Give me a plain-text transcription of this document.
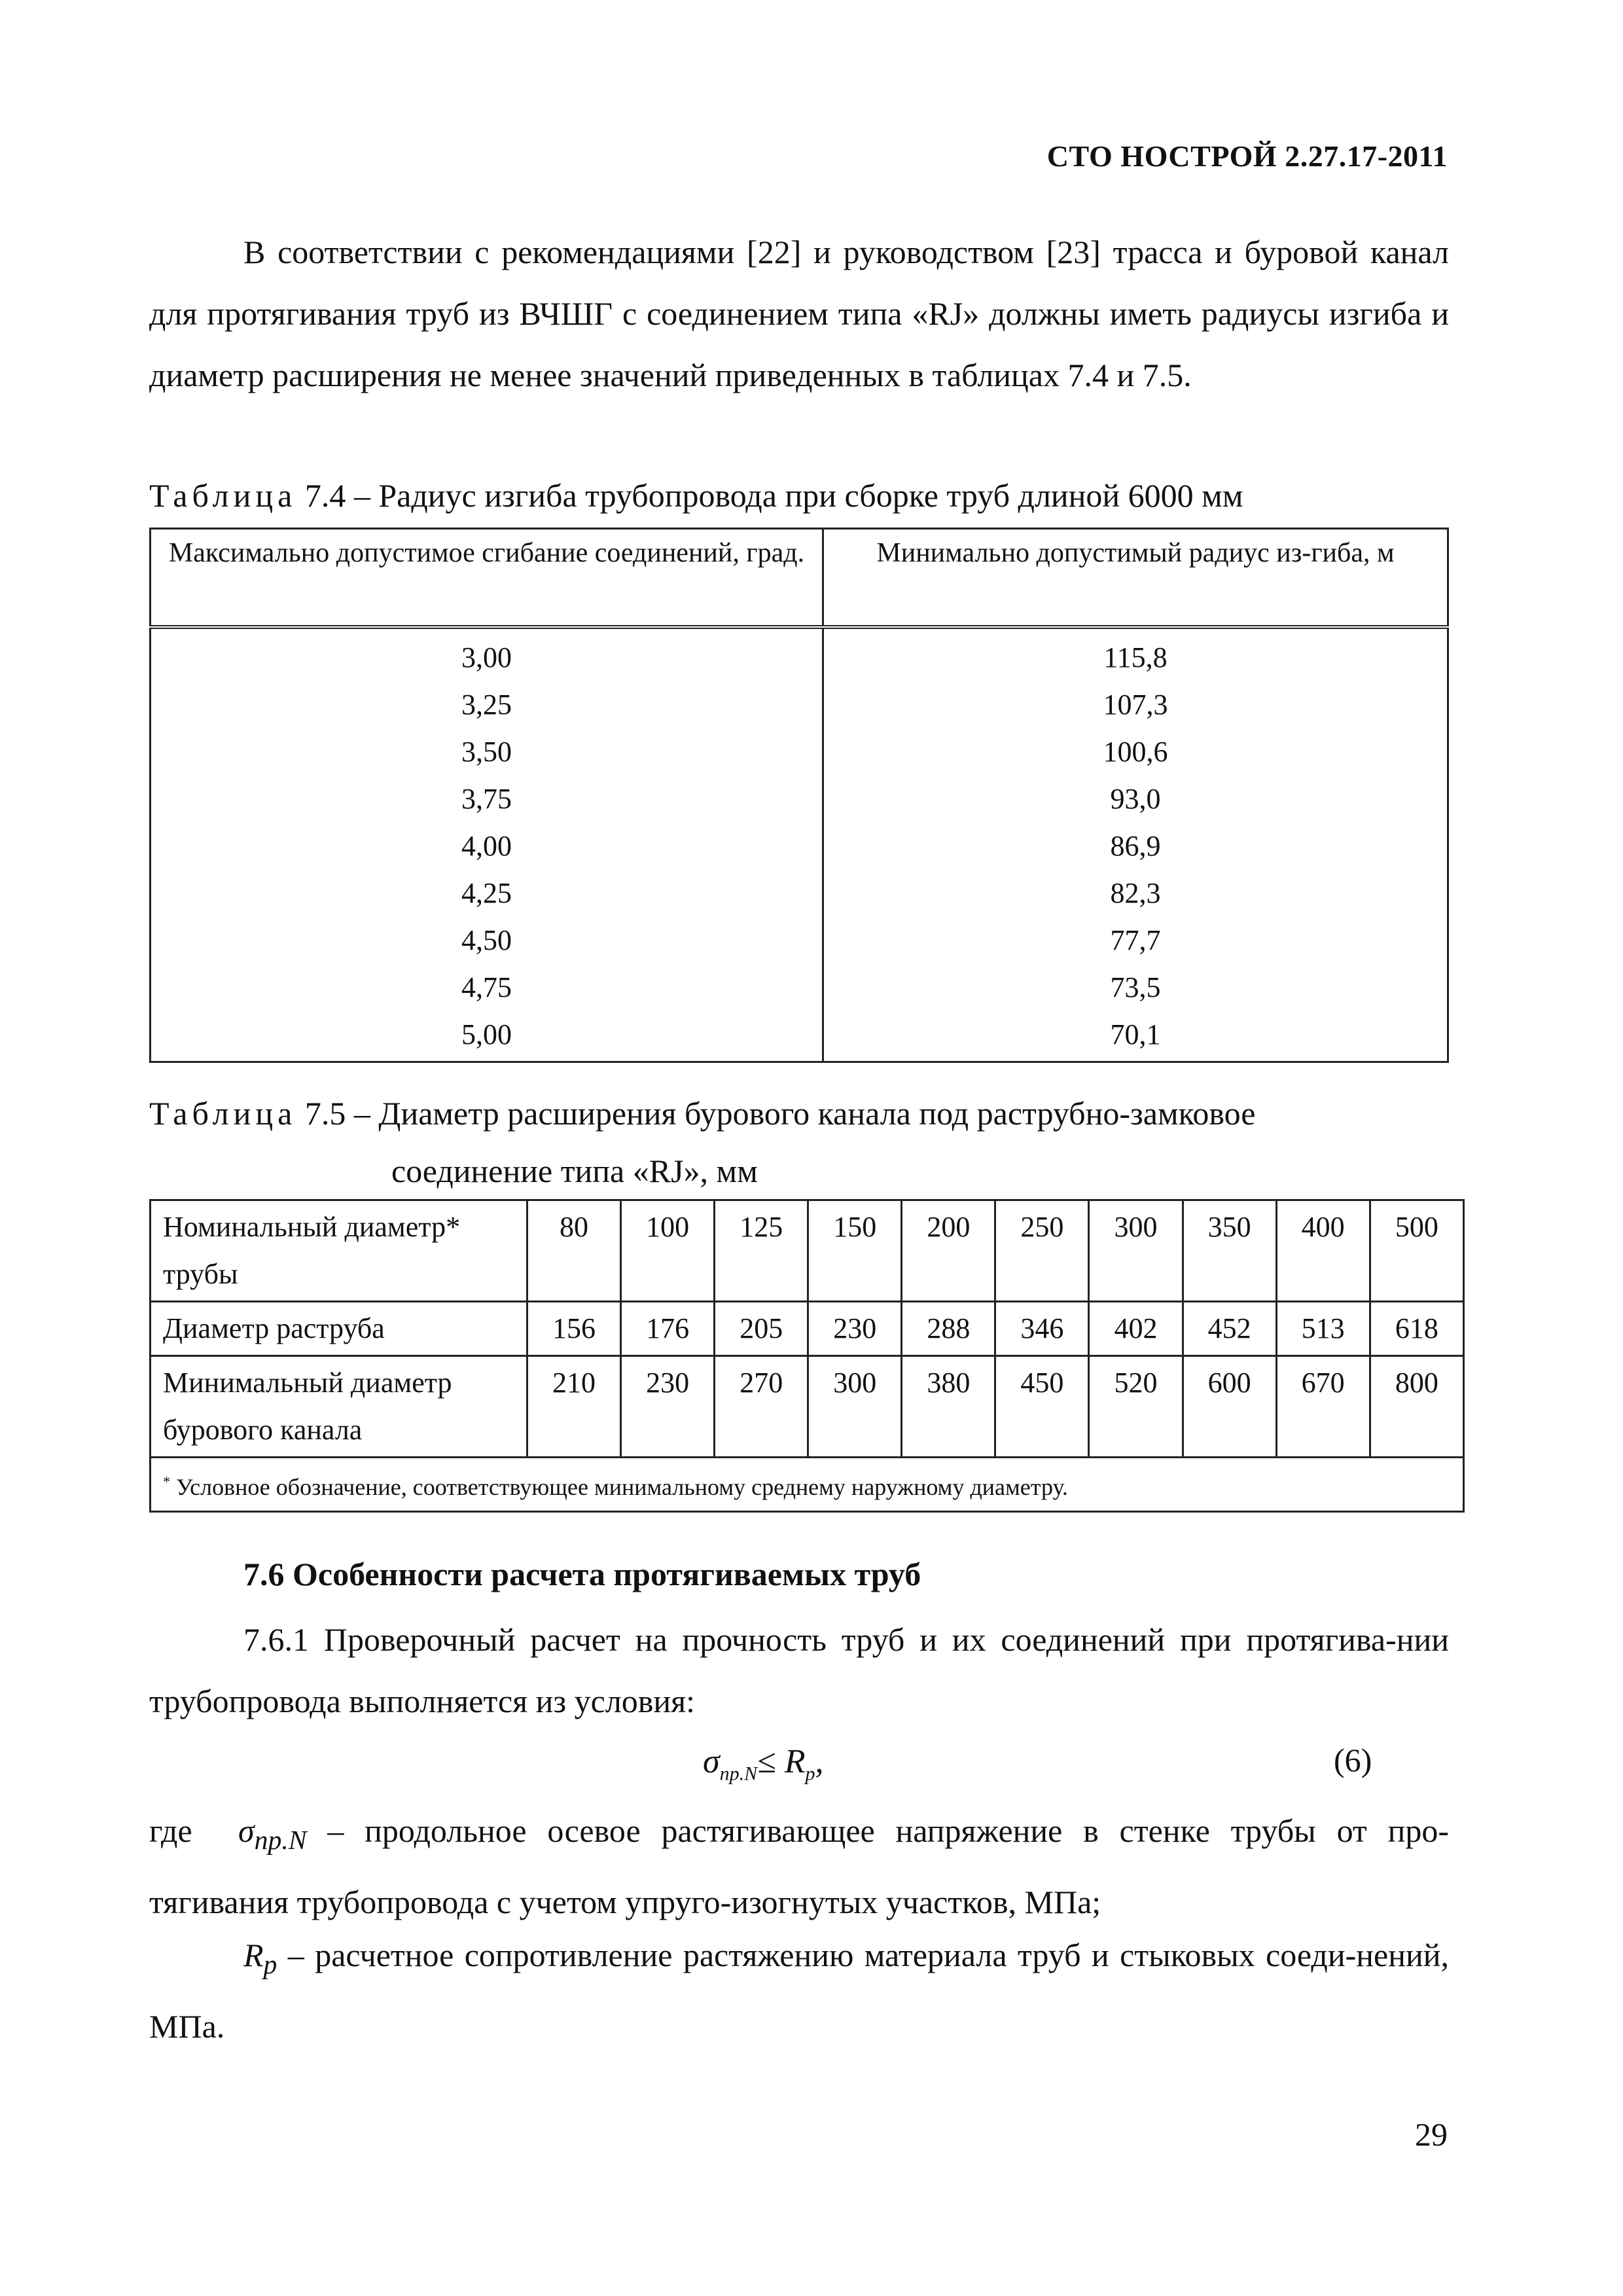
СТО НОСТРОЙ 2.27.17-2011

В соответствии с рекомендациями [22] и руководством [23] трасса и буровой канал для протягивания труб из ВЧШГ с соединением типа «RJ» должны иметь радиусы изгиба и диаметр расширения не менее значений приведенных в таблицах 7.4 и 7.5.

Таблица 7.4 – Радиус изгиба трубопровода при сборке труб длиной 6000 мм
Максимально допустимое сгибание соединений, град.	Минимально допустимый радиус из-гиба, м
3,00	115,8
3,25	107,3
3,50	100,6
3,75	93,0
4,00	86,9
4,25	82,3
4,50	77,7
4,75	73,5
5,00	70,1
Таблица 7.5 – Диаметр расширения бурового канала под раструбно-замковое
соединение типа «RJ», мм
Номинальный диаметр* трубы	80	100	125	150	200	250	300	350	400	500
Диаметр раструба	156	176	205	230	288	346	402	452	513	618
Минимальный диаметр бурового канала	210	230	270	300	380	450	520	600	670	800
* Условное обозначение, соответствующее минимальному среднему наружному диаметру.										
7.6 Особенности расчета протягиваемых труб

7.6.1 Проверочный расчет на прочность труб и их соединений при протягива-нии трубопровода выполняется из условия:

$\sigma_{пр.N}\le R_p$,	(6)

где $\sigma_{пр.N}$ – продольное осевое растягивающее напряжение в стенке трубы от про-тягивания трубопровода с учетом упруго-изогнутых участков, МПа;

$R_p$ – расчетное сопротивление растяжению материала труб и стыковых соеди-нений, МПа.

29
